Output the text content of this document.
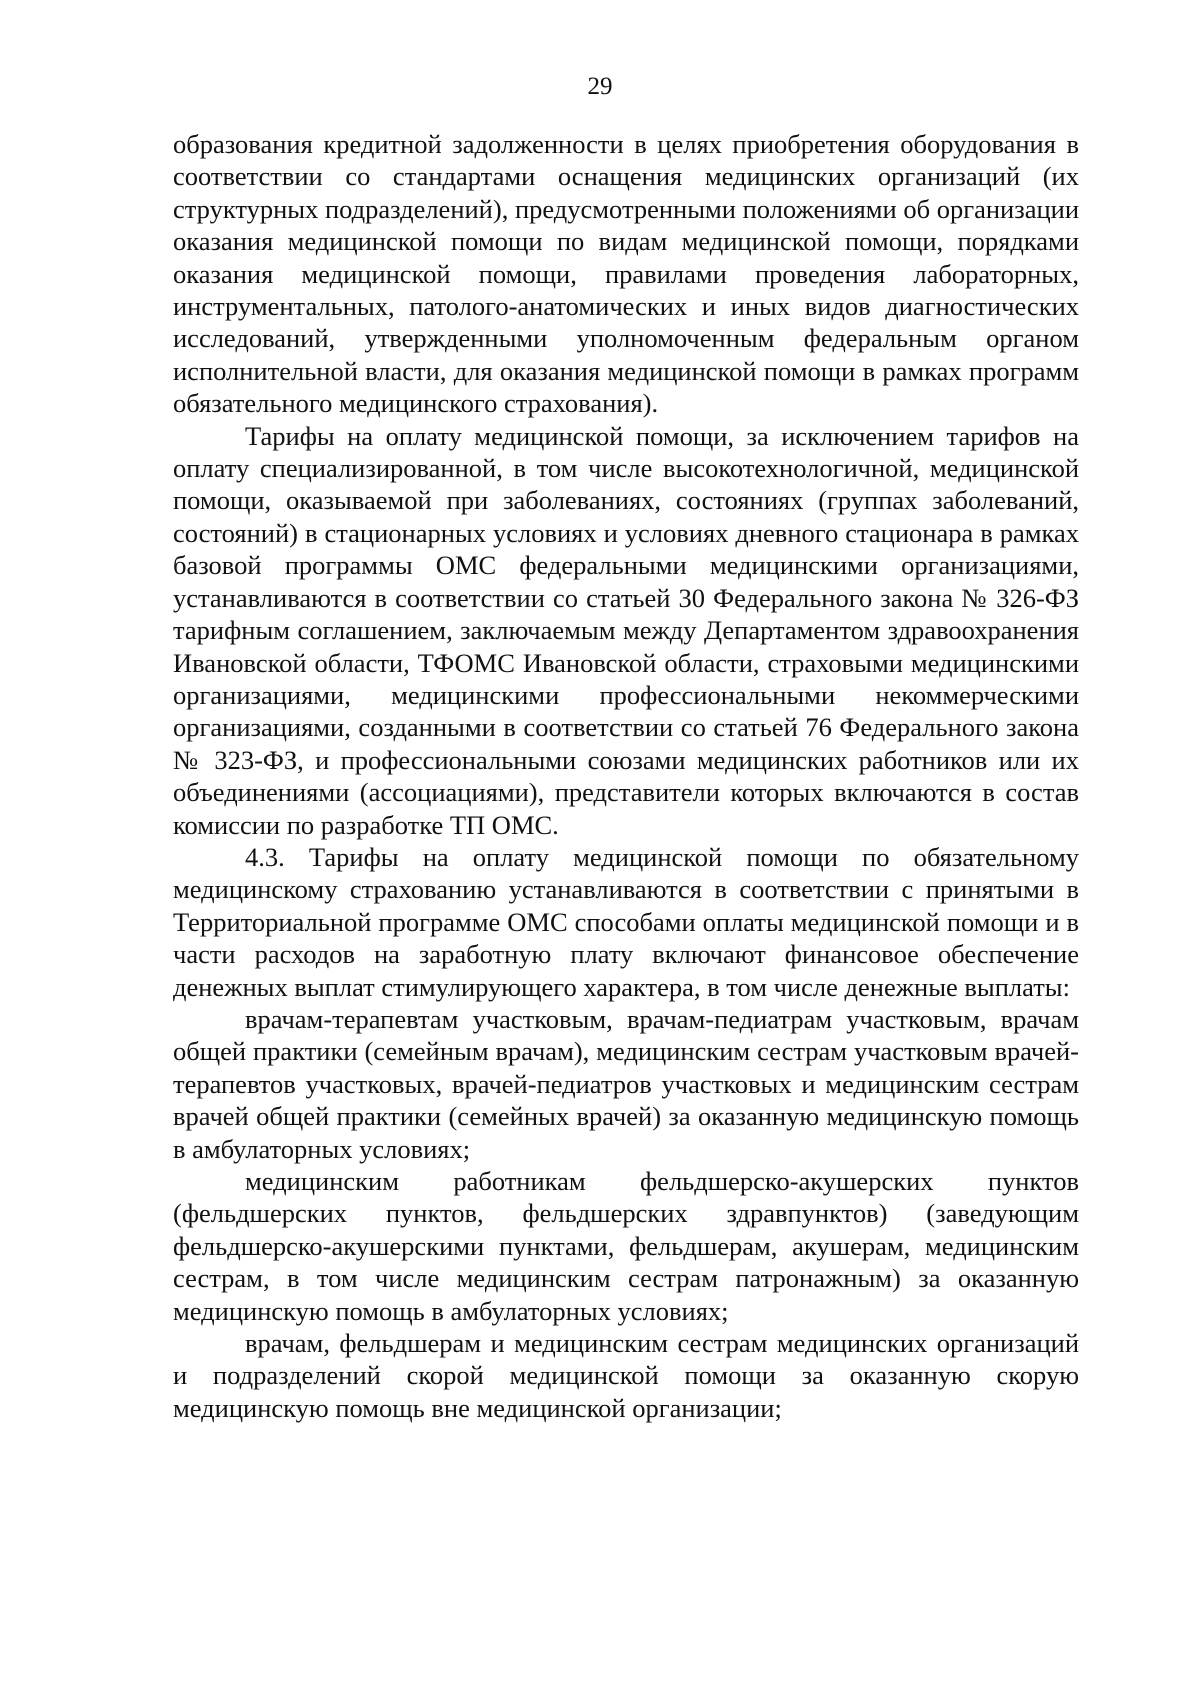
29

образования кредитной задолженности в целях приобретения оборудования в соответствии со стандартами оснащения медицинских организаций (их структурных подразделений), предусмотренными положениями об организации оказания медицинской помощи по видам медицинской помощи, порядками оказания медицинской помощи, правилами проведения лабораторных, инструментальных, патолого-анатомических и иных видов диагностических исследований, утвержденными уполномоченным федеральным органом исполнительной власти, для оказания медицинской помощи в рамках программ обязательного медицинского страхования).

Тарифы на оплату медицинской помощи, за исключением тарифов на оплату специализированной, в том числе высокотехнологичной, медицинской помощи, оказываемой при заболеваниях, состояниях (группах заболеваний, состояний) в стационарных условиях и условиях дневного стационара в рамках базовой программы ОМС федеральными медицинскими организациями, устанавливаются в соответствии со статьей 30 Федерального закона № 326-ФЗ тарифным соглашением, заключаемым между Департаментом здравоохранения Ивановской области, ТФОМС Ивановской области, страховыми медицинскими организациями, медицинскими профессиональными некоммерческими организациями, созданными в соответствии со статьей 76 Федерального закона № 323-ФЗ, и профессиональными союзами медицинских работников или их объединениями (ассоциациями), представители которых включаются в состав комиссии по разработке ТП ОМС.

4.3. Тарифы на оплату медицинской помощи по обязательному медицинскому страхованию устанавливаются в соответствии с принятыми в Территориальной программе ОМС способами оплаты медицинской помощи и в части расходов на заработную плату включают финансовое обеспечение денежных выплат стимулирующего характера, в том числе денежные выплаты:

врачам-терапевтам участковым, врачам-педиатрам участковым, врачам общей практики (семейным врачам), медицинским сестрам участковым врачей-терапевтов участковых, врачей-педиатров участковых и медицинским сестрам врачей общей практики (семейных врачей) за оказанную медицинскую помощь в амбулаторных условиях;

медицинским работникам фельдшерско-акушерских пунктов (фельдшерских пунктов, фельдшерских здравпунктов) (заведующим фельдшерско-акушерскими пунктами, фельдшерам, акушерам, медицинским сестрам, в том числе медицинским сестрам патронажным) за оказанную медицинскую помощь в амбулаторных условиях;

врачам, фельдшерам и медицинским сестрам медицинских организаций и подразделений скорой медицинской помощи за оказанную скорую медицинскую помощь вне медицинской организации;
